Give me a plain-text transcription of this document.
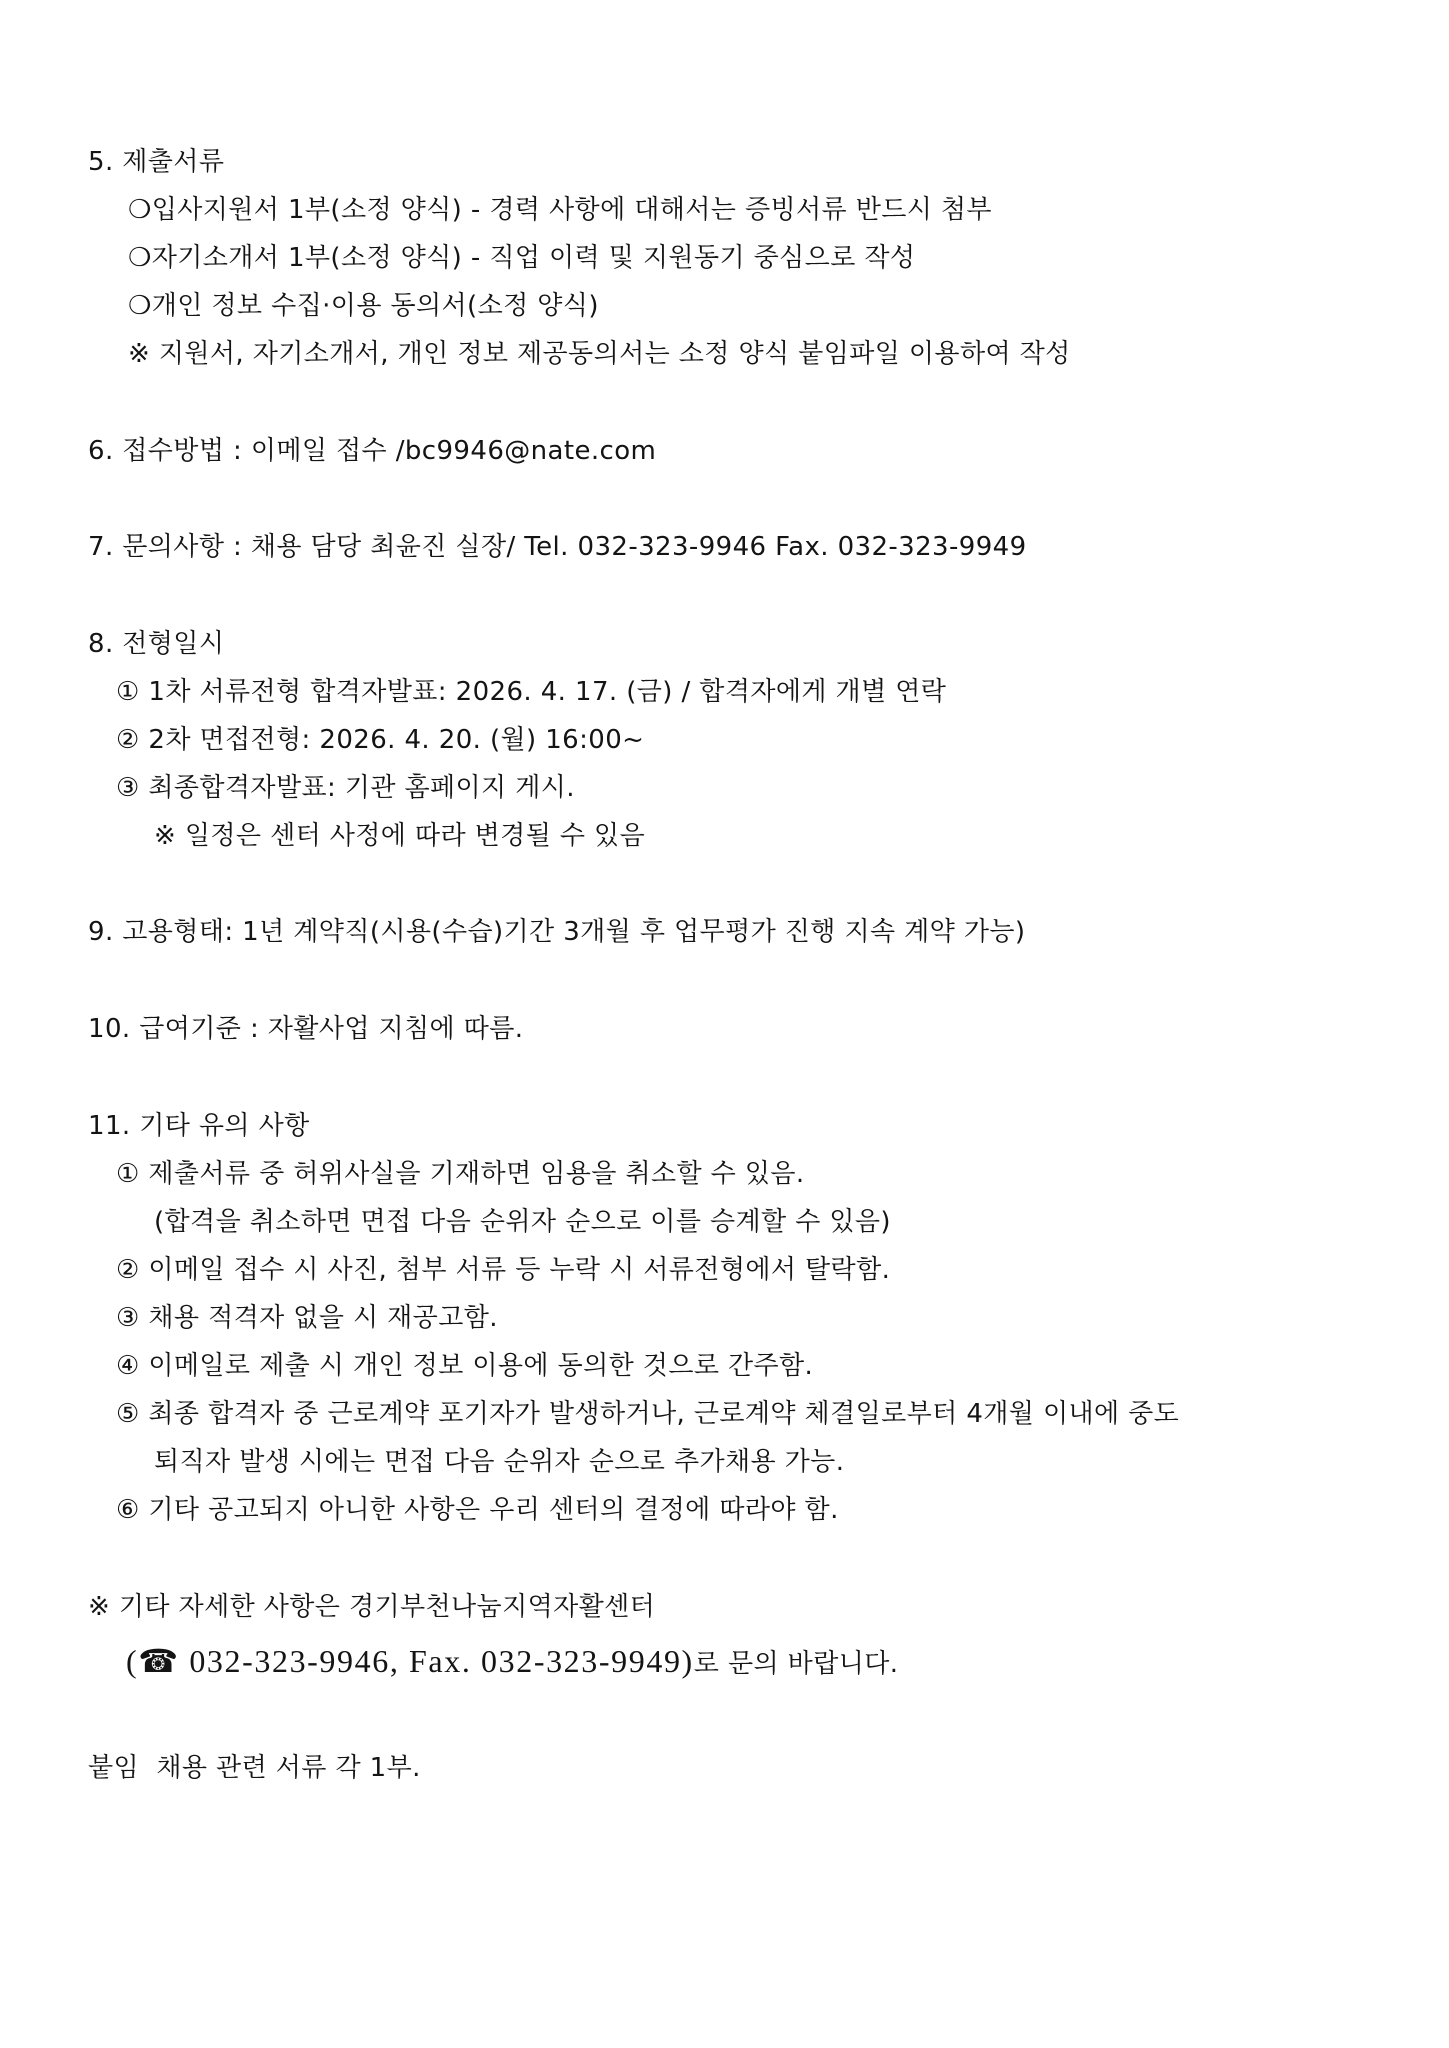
5. 제출서류
❍입사지원서 1부(소정 양식) - 경력 사항에 대해서는 증빙서류 반드시 첨부
❍자기소개서 1부(소정 양식) - 직업 이력 및 지원동기 중심으로 작성
❍개인 정보 수집·이용 동의서(소정 양식)
※ 지원서, 자기소개서, 개인 정보 제공동의서는 소정 양식 붙임파일 이용하여 작성
6. 접수방법 : 이메일 접수 /bc9946@nate.com
7. 문의사항 : 채용 담당 최윤진 실장/ Tel. 032-323-9946 Fax. 032-323-9949
8. 전형일시
① 1차 서류전형 합격자발표: 2026. 4. 17. (금) / 합격자에게 개별 연락
② 2차 면접전형: 2026. 4. 20. (월) 16:00~
③ 최종합격자발표: 기관 홈페이지 게시.
※ 일정은 센터 사정에 따라 변경될 수 있음
9. 고용형태: 1년 계약직(시용(수습)기간 3개월 후 업무평가 진행 지속 계약 가능)
10. 급여기준 : 자활사업 지침에 따름.
11. 기타 유의 사항
① 제출서류 중 허위사실을 기재하면 임용을 취소할 수 있음.
(합격을 취소하면 면접 다음 순위자 순으로 이를 승계할 수 있음)
② 이메일 접수 시 사진, 첨부 서류 등 누락 시 서류전형에서 탈락함.
③ 채용 적격자 없을 시 재공고함.
④ 이메일로 제출 시 개인 정보 이용에 동의한 것으로 간주함.
⑤ 최종 합격자 중 근로계약 포기자가 발생하거나, 근로계약 체결일로부터 4개월 이내에 중도
퇴직자 발생 시에는 면접 다음 순위자 순으로 추가채용 가능.
⑥ 기타 공고되지 아니한 사항은 우리 센터의 결정에 따라야 함.
※ 기타 자세한 사항은 경기부천나눔지역자활센터
(☎ 032-323-9946, Fax. 032-323-9949)로 문의 바랍니다.
붙임  채용 관련 서류 각 1부.
